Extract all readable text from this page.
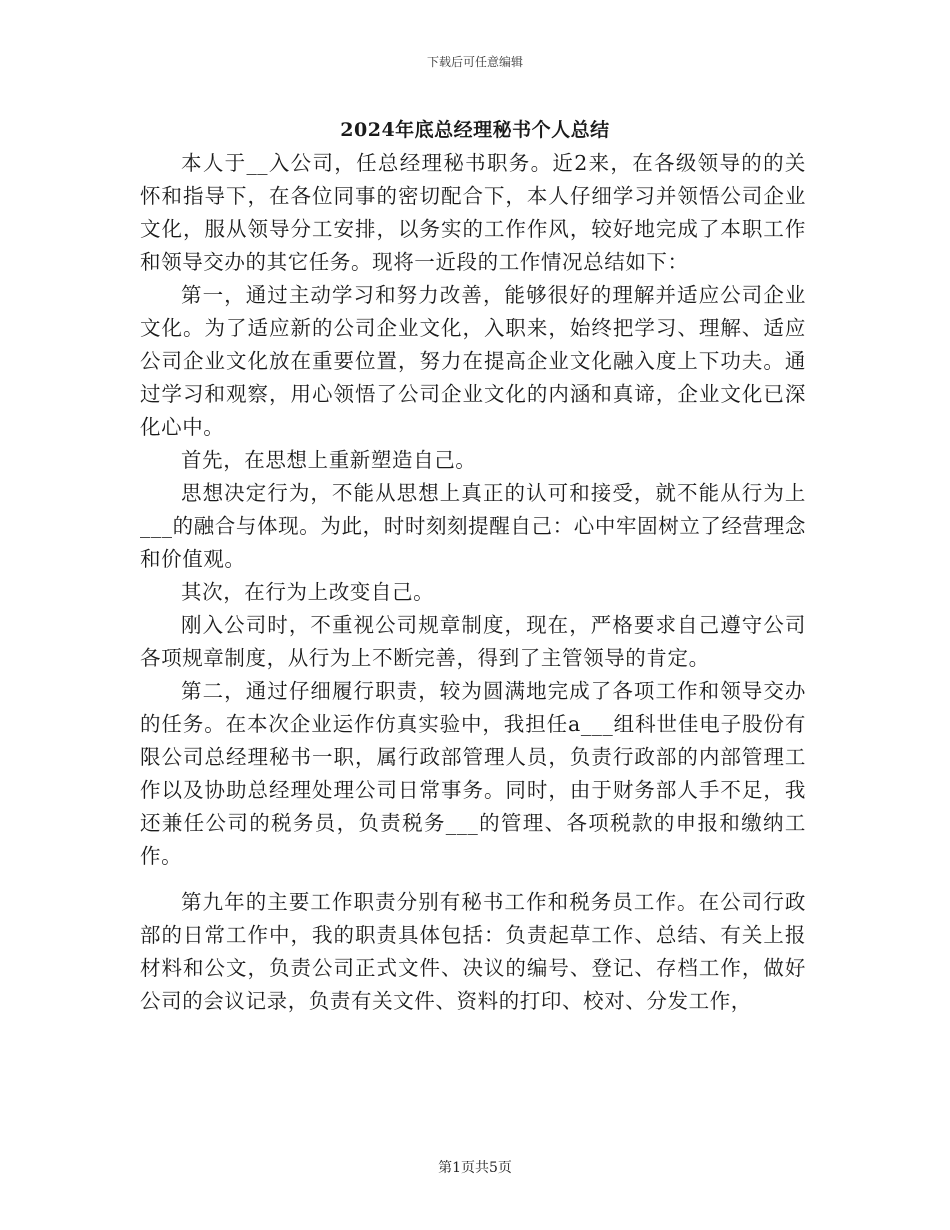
下载后可任意编辑
2024年底总经理秘书个人总结

本人于__入公司，任总经理秘书职务。近2来，在各级领导的的关怀和指导下，在各位同事的密切配合下，本人仔细学习并领悟公司企业文化，服从领导分工安排，以务实的工作作风，较好地完成了本职工作和领导交办的其它任务。现将一近段的工作情况总结如下：

第一，通过主动学习和努力改善，能够很好的理解并适应公司企业文化。为了适应新的公司企业文化，入职来，始终把学习、理解、适应公司企业文化放在重要位置，努力在提高企业文化融入度上下功夫。通过学习和观察，用心领悟了公司企业文化的内涵和真谛，企业文化已深化心中。

首先，在思想上重新塑造自己。

思想决定行为，不能从思想上真正的认可和接受，就不能从行为上___的融合与体现。为此，时时刻刻提醒自己：心中牢固树立了经营理念和价值观。

其次，在行为上改变自己。

刚入公司时，不重视公司规章制度，现在，严格要求自己遵守公司各项规章制度，从行为上不断完善，得到了主管领导的肯定。

第二，通过仔细履行职责，较为圆满地完成了各项工作和领导交办的任务。在本次企业运作仿真实验中，我担任a___组科世佳电子股份有限公司总经理秘书一职，属行政部管理人员，负责行政部的内部管理工作以及协助总经理处理公司日常事务。同时，由于财务部人手不足，我还兼任公司的税务员，负责税务___的管理、各项税款的申报和缴纳工作。

第九年的主要工作职责分别有秘书工作和税务员工作。在公司行政部的日常工作中，我的职责具体包括：负责起草工作、总结、有关上报材料和公文，负责公司正式文件、决议的编号、登记、存档工作，做好公司的会议记录，负责有关文件、资料的打印、校对、分发工作，

第1页共5页
